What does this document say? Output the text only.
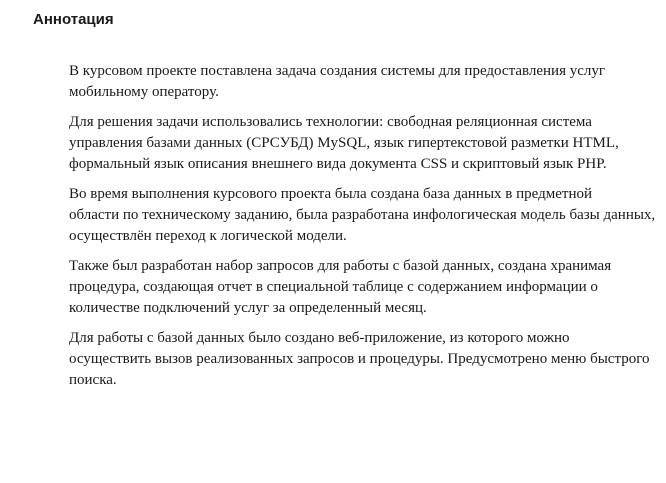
Аннотация

В курсовом проекте поставлена задача создания системы для предоставления услуг
мобильному оператору.

Для решения задачи использовались технологии: свободная реляционная система
управления базами данных (СРСУБД) MySQL, язык гипертекстовой разметки HTML,
формальный язык описания внешнего вида документа CSS и скриптовый язык PHP.

Во время выполнения курсового проекта была создана база данных в предметной
области по техническому заданию, была разработана инфологическая модель базы данных,
осуществлён переход к логической модели.

Также был разработан набор запросов для работы с базой данных, создана хранимая
процедура, создающая отчет в специальной таблице с содержанием информации о
количестве подключений услуг за определенный месяц.

Для работы с базой данных было создано веб-приложение, из которого можно
осуществить вызов реализованных запросов и процедуры. Предусмотрено меню быстрого
поиска.
